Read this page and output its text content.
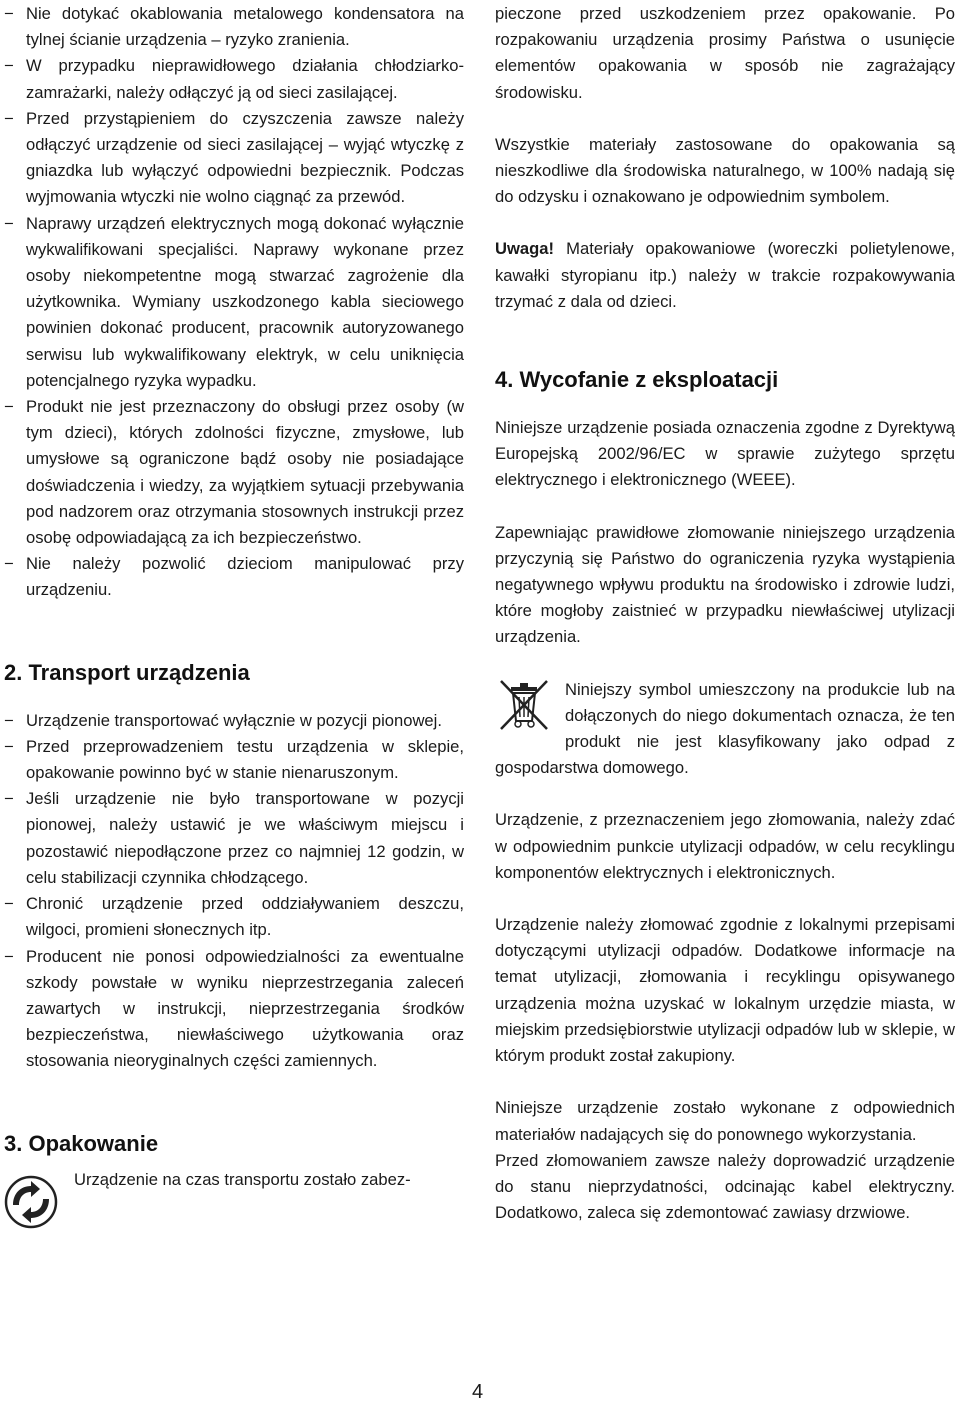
− Nie dotykać okablowania metalowego kondensatora na tylnej ścianie urządzenia – ryzyko zranienia.
− W przypadku nieprawidłowego działania chłodziarko-zamrażarki, należy odłączyć ją od sieci zasilającej.
− Przed przystąpieniem do czyszczenia zawsze należy odłączyć urządzenie od sieci zasilającej – wyjąć wtyczkę z gniazdka lub wyłączyć odpowiedni bezpiecznik. Podczas wyjmowania wtyczki nie wolno ciągnąć za przewód.
− Naprawy urządzeń elektrycznych mogą dokonać wyłącznie wykwalifikowani specjaliści. Naprawy wykonane przez osoby niekompetentne mogą stwarzać zagrożenie dla użytkownika. Wymiany uszkodzonego kabla sieciowego powinien dokonać producent, pracownik autoryzowanego serwisu lub wykwalifikowany elektryk, w celu uniknięcia potencjalnego ryzyka wypadku.
− Produkt nie jest przeznaczony do obsługi przez osoby (w tym dzieci), których zdolności fizyczne, zmysłowe, lub umysłowe są ograniczone bądź osoby nie posiadające doświadczenia i wiedzy, za wyjątkiem sytuacji przebywania pod nadzorem oraz otrzymania stosownych instrukcji przez osobę odpowiadającą za ich bezpieczeństwo.
− Nie należy pozwolić dzieciom manipulować przy urządzeniu.
2. Transport urządzenia
− Urządzenie transportować wyłącznie w pozycji pionowej.
− Przed przeprowadzeniem testu urządzenia w sklepie, opakowanie powinno być w stanie nienaruszonym.
− Jeśli urządzenie nie było transportowane w pozycji pionowej, należy ustawić je we właściwym miejscu i pozostawić niepodłączone przez co najmniej 12 godzin, w celu stabilizacji czynnika chłodzącego.
− Chronić urządzenie przed oddziaływaniem deszczu, wilgoci, promieni słonecznych itp.
− Producent nie ponosi odpowiedzialności za ewentualne szkody powstałe w wyniku nieprzestrzegania zaleceń zawartych w instrukcji, nieprzestrzegania środków bezpieczeństwa, niewłaściwego użytkowania oraz stosowania nieoryginalnych części zamiennych.
3. Opakowanie

Urządzenie na czas transportu zostało zabez-

pieczone przed uszkodzeniem przez opakowanie. Po rozpakowaniu urządzenia prosimy Państwa o usunięcie elementów opakowania w sposób nie zagrażający środowisku.

Wszystkie materiały zastosowane do opakowania są nieszkodliwe dla środowiska naturalnego, w 100% nadają się do odzysku i oznakowano je odpowiednim symbolem.

Uwaga! Materiały opakowaniowe (woreczki polietylenowe, kawałki styropianu itp.) należy w trakcie rozpakowywania trzymać z dala od dzieci.

4. Wycofanie z eksploatacji

Niniejsze urządzenie posiada oznaczenia zgodne z Dyrektywą Europejską 2002/96/EC w sprawie zużytego sprzętu elektrycznego i elektronicznego (WEEE).

Zapewniając prawidłowe złomowanie niniejszego urządzenia przyczynią się Państwo do ograniczenia ryzyka wystąpienia negatywnego wpływu produktu na środowisko i zdrowie ludzi, które mogłoby zaistnieć w przypadku niewłaściwej utylizacji urządzenia.

Niniejszy symbol umieszczony na produkcie lub na dołączonych do niego dokumentach oznacza, że ten produkt nie jest klasyfikowany jako odpad z gospodarstwa domowego.

Urządzenie, z przeznaczeniem jego złomowania, należy zdać w odpowiednim punkcie utylizacji odpadów, w celu recyklingu komponentów elektrycznych i elektronicznych.

Urządzenie należy złomować zgodnie z lokalnymi przepisami dotyczącymi utylizacji odpadów. Dodatkowe informacje na temat utylizacji, złomowania i recyklingu opisywanego urządzenia można uzyskać w lokalnym urzędzie miasta, w miejskim przedsiębiorstwie utylizacji odpadów lub w sklepie, w którym produkt został zakupiony.

Niniejsze urządzenie zostało wykonane z odpowiednich materiałów nadających się do ponownego wykorzystania.

Przed złomowaniem zawsze należy doprowadzić urządzenie do stanu nieprzydatności, odcinając kabel elektryczny. Dodatkowo, zaleca się zdemontować zawiasy drzwiowe.

4
